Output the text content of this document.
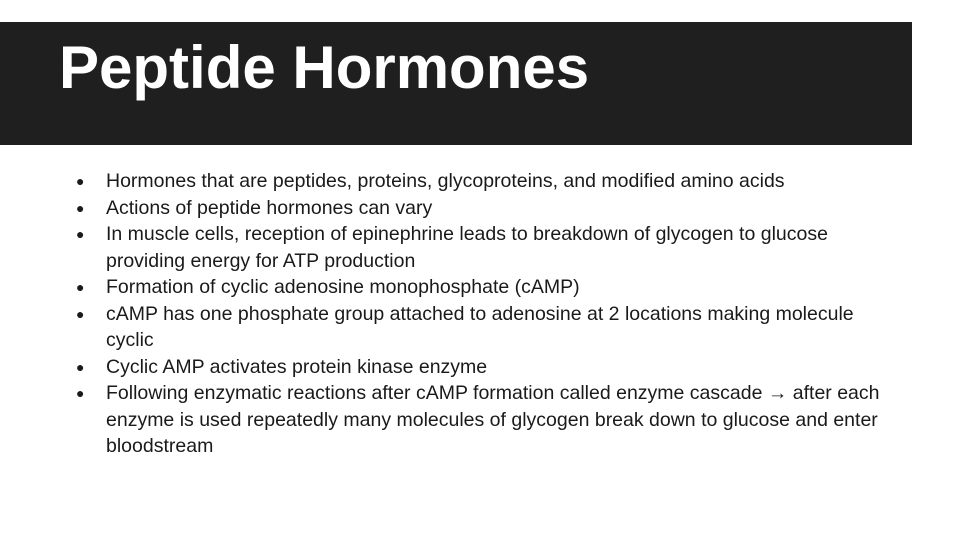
Peptide Hormones
● Hormones that are peptides, proteins, glycoproteins, and modified amino acids
● Actions of peptide hormones can vary
● In muscle cells, reception of epinephrine leads to breakdown of glycogen to glucose providing energy for ATP production
● Formation of cyclic adenosine monophosphate (cAMP)
● cAMP has one phosphate group attached to adenosine at 2 locations making molecule cyclic
● Cyclic AMP activates protein kinase enzyme
● Following enzymatic reactions after cAMP formation called enzyme cascade → after each enzyme is used repeatedly many molecules of glycogen break down to glucose and enter bloodstream
